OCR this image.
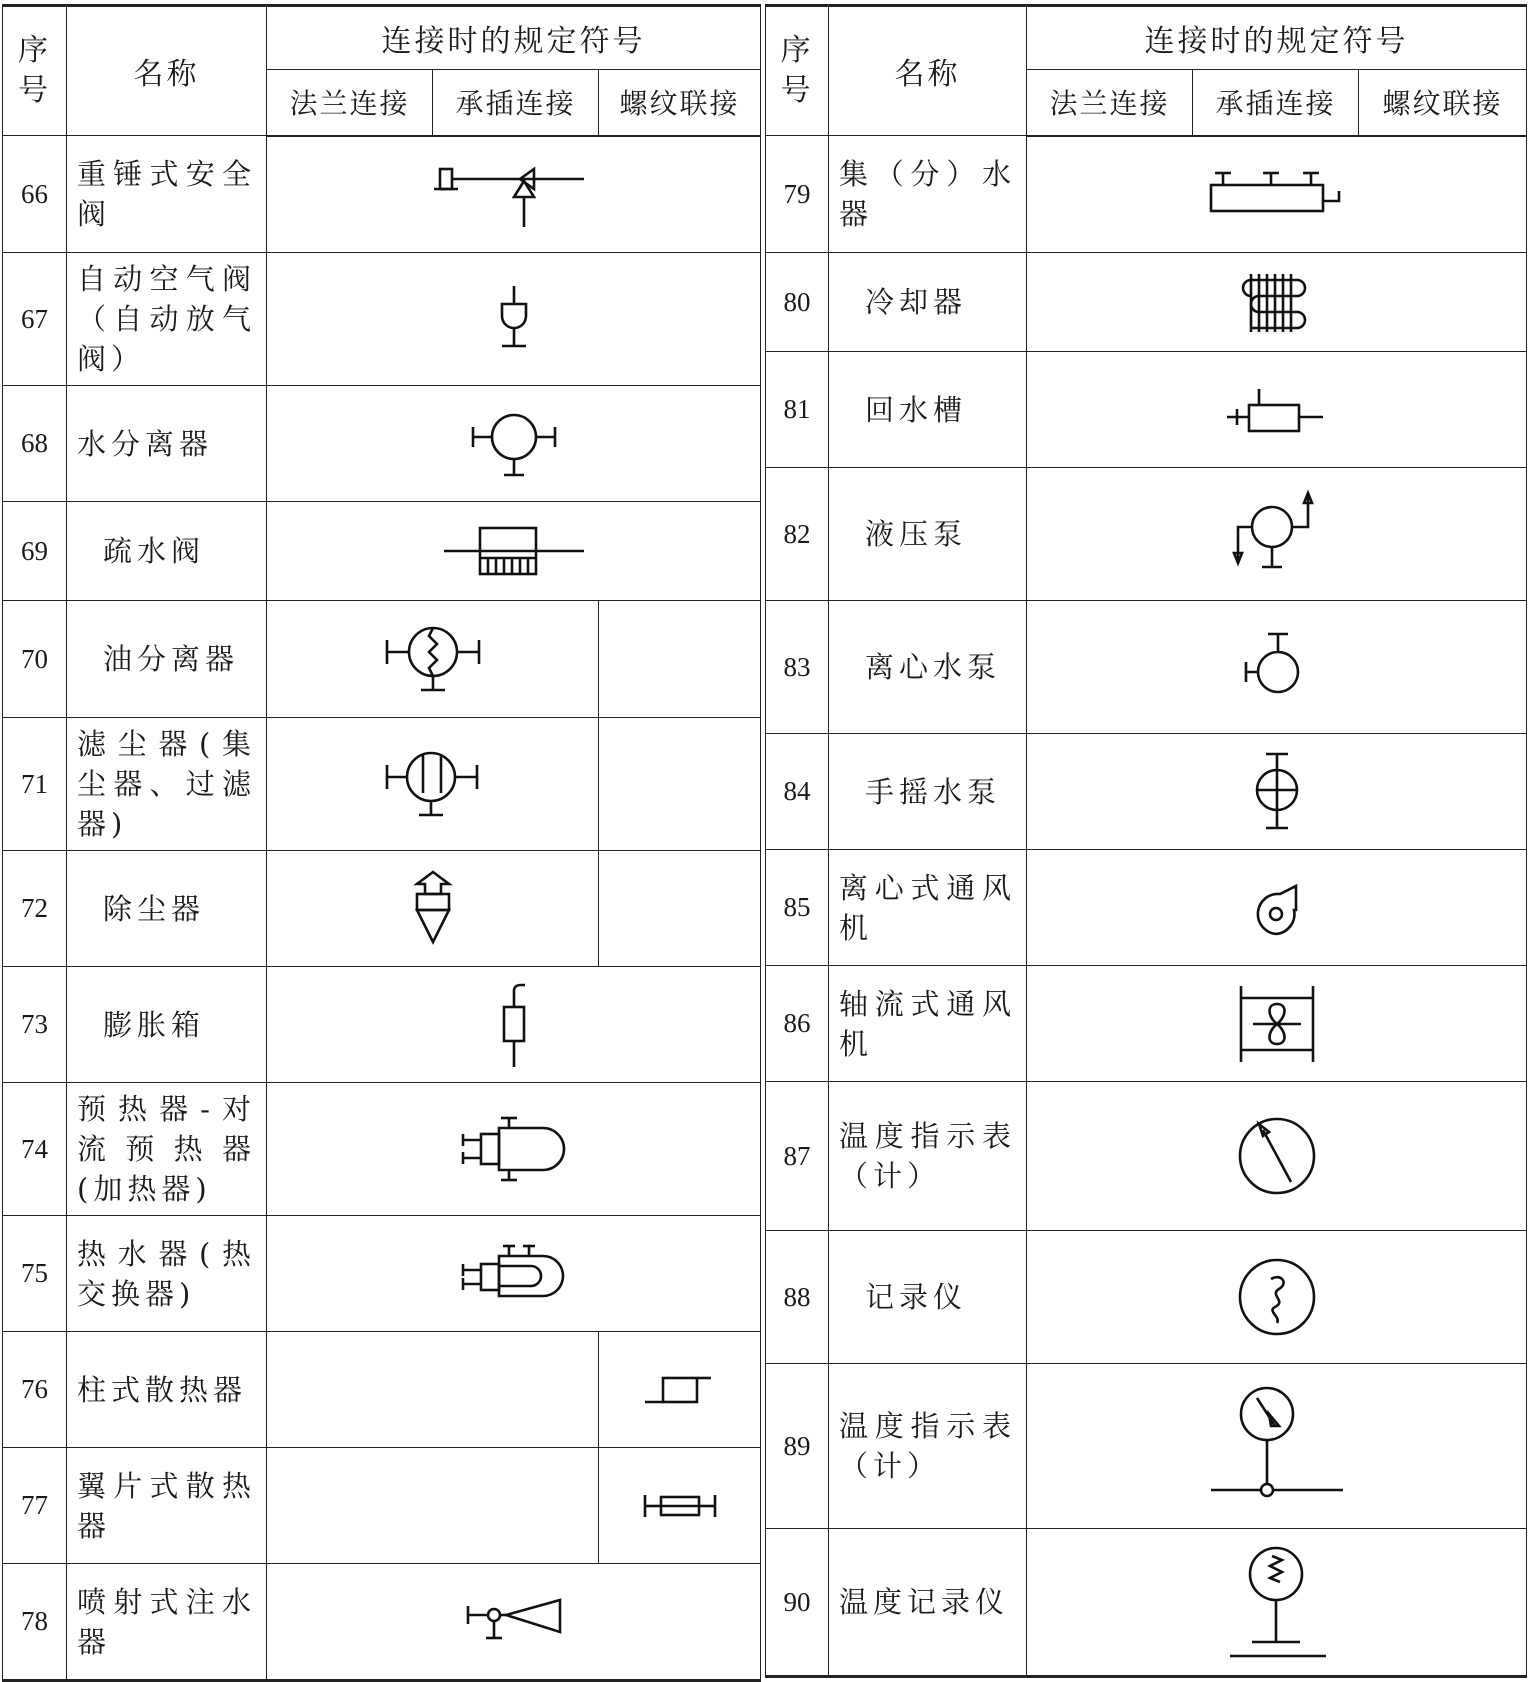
序号	名称	连接时的规定符号		
		法兰连接	承插连接	螺纹联接
66	重锤式安全阀	

67	自动空气阀（自动放气阀）	

68	水分离器	

69	疏水阀	

70	油分离器	

71	滤尘器(集尘器、过滤器)	

72	除尘器	

73	膨胀箱	

74	预热器-对流预热器(加热器)	

75	热水器(热交换器)	

76	柱式散热器		

77	翼片式散热器		

78	喷射式注水器	
序号	名称	连接时的规定符号		
		法兰连接	承插连接	螺纹联接
79	集（分）水器	

80	冷却器	

81	回水槽	

82	液压泵	

83	离心水泵	

84	手摇水泵	

85	离心式通风机	

86	轴流式通风机	

87	温度指示表（计）	

88	记录仪	

89	温度指示表（计）	

90	温度记录仪	
